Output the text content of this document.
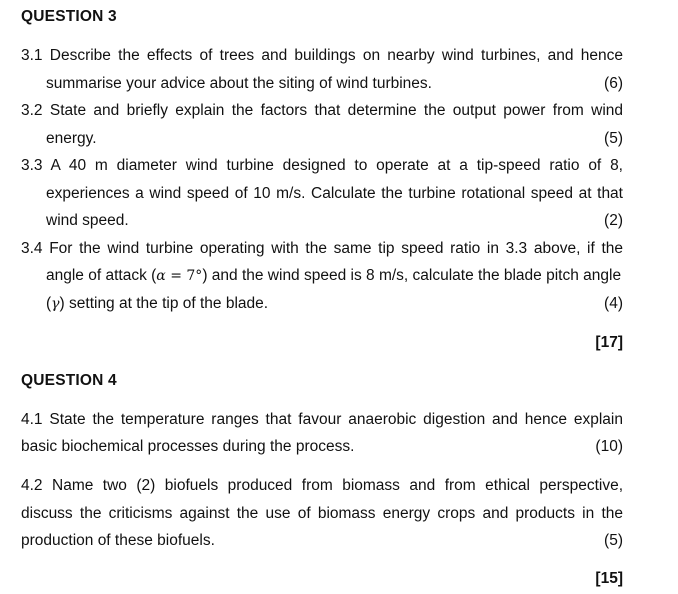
QUESTION 3
3.1 Describe the effects of trees and buildings on nearby wind turbines, and hence
summarise your advice about the siting of wind turbines.	(6)
3.2 State and briefly explain the factors that determine the output power from wind
energy.	(5)
3.3 A 40 m diameter wind turbine designed to operate at a tip-speed ratio of 8,
experiences a wind speed of 10 m/s. Calculate the turbine rotational speed at that
wind speed.	(2)
3.4 For the wind turbine operating with the same tip speed ratio in 3.3 above, if the
angle of attack (α = 7°) and the wind speed is 8 m/s, calculate the blade pitch angle
(γ) setting at the tip of the blade.	(4)
[17]
QUESTION 4
4.1 State the temperature ranges that favour anaerobic digestion and hence explain
basic biochemical processes during the process.	(10)
4.2 Name two (2) biofuels produced from biomass and from ethical perspective,
discuss the criticisms against the use of biomass energy crops and products in the
production of these biofuels.	(5)
[15]
